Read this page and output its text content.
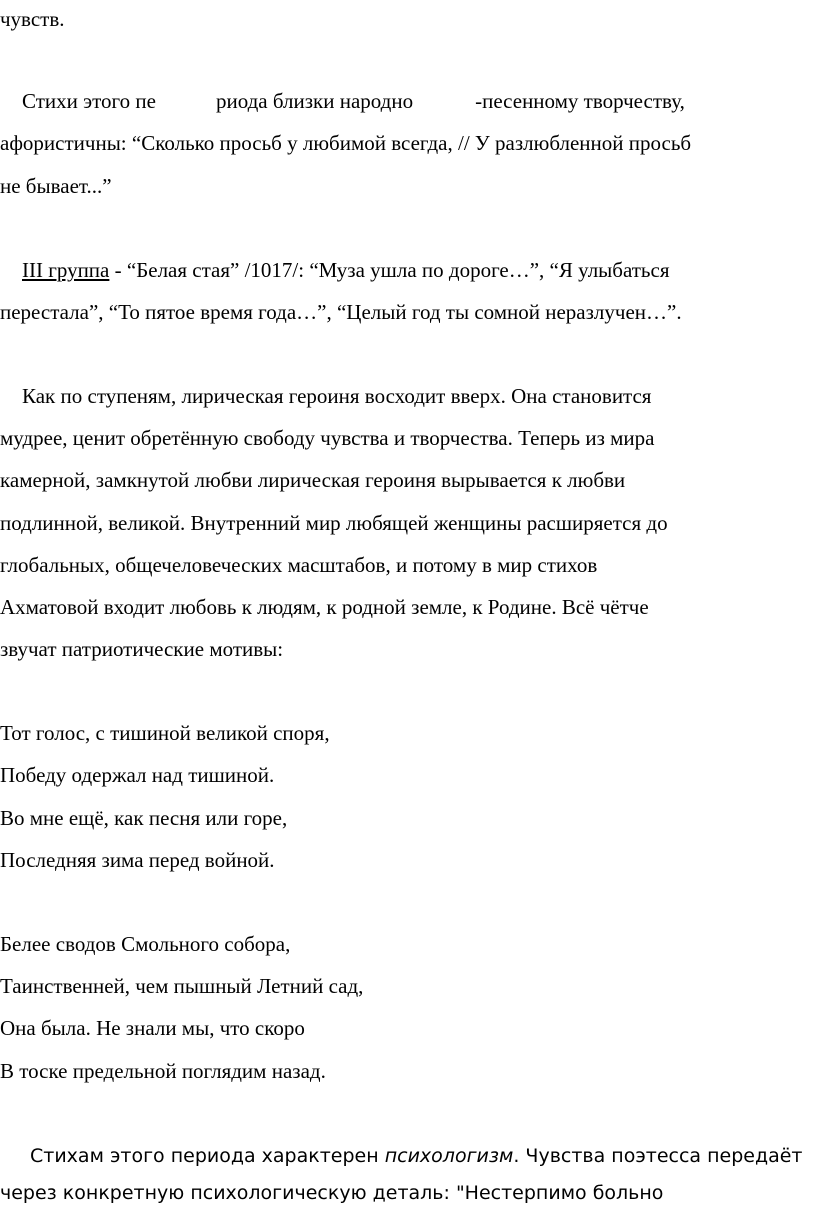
чувств.

Стихи этого пе	риода близки народно	-песенному творчеству,

афористичны: “Сколько просьб у любимой всегда, // У разлюбленной просьб

не бывает...”

III группа - “Белая стая” /1017/: “Муза ушла по дороге…”, “Я улыбаться

перестала”, “То пятое время года…”, “Целый год ты сомной неразлучен…”.

Как по ступеням, лирическая героиня восходит вверх. Она становится

мудрее, ценит обретённую свободу чувства и творчества. Теперь из мира

камерной, замкнутой любви лирическая героиня вырывается к любви

подлинной, великой. Внутренний мир любящей женщины расширяется до

глобальных, общечеловеческих масштабов, и потому в мир стихов

Ахматовой входит любовь к людям, к родной земле, к Родине. Всё чётче

звучат патриотические мотивы:

Тот голос, с тишиной великой споря,

Победу одержал над тишиной.

Во мне ещё, как песня или горе,

Последняя зима перед войной.

Белее сводов Смольного собора,

Таинственней, чем пышный Летний сад,

Она была. Не знали мы, что скоро

В тоске предельной поглядим назад.

Стихам этого периода характерен психологизм. Чувства поэтесса передаёт

через конкретную психологическую деталь: "Нестерпимо больно
